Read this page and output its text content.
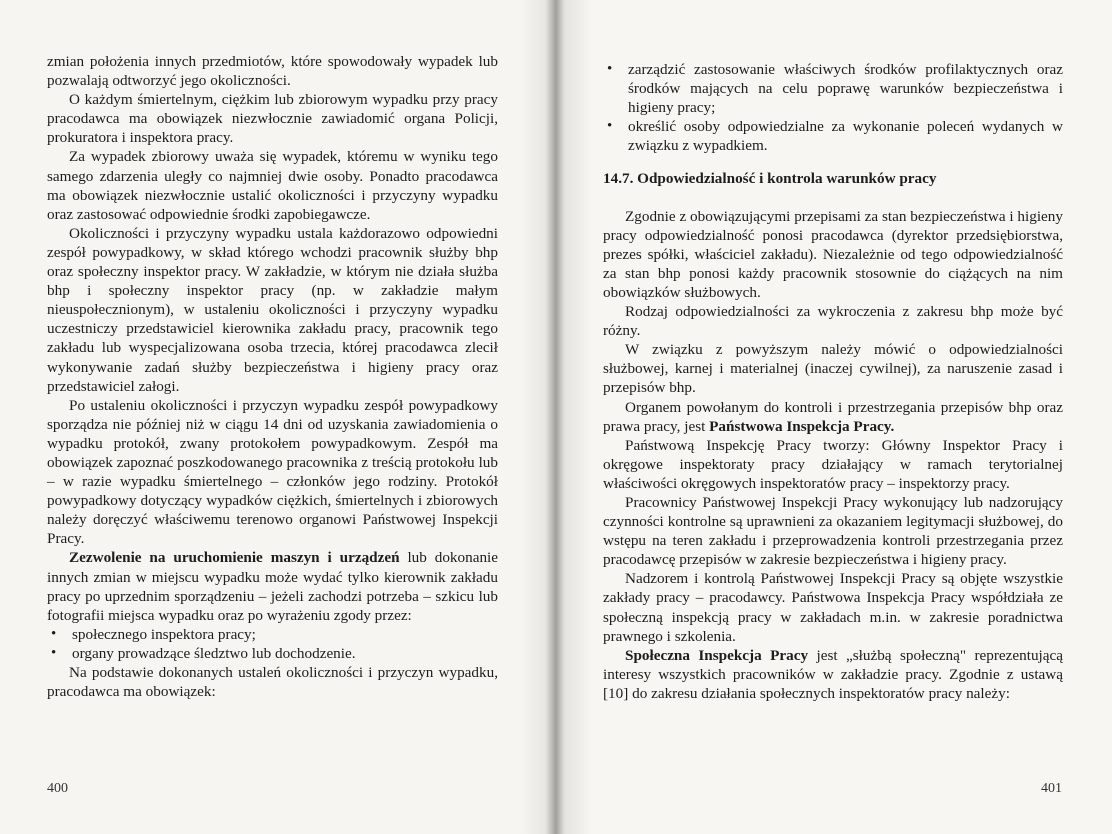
zmian położenia innych przedmiotów, które spowodowały wypadek lub pozwalają odtworzyć jego okoliczności.

O każdym śmiertelnym, ciężkim lub zbiorowym wypadku przy pracy pracodawca ma obowiązek niezwłocznie zawiadomić organa Policji, prokuratora i inspektora pracy.

Za wypadek zbiorowy uważa się wypadek, któremu w wyniku tego samego zdarzenia uległy co najmniej dwie osoby. Ponadto pracodawca ma obowiązek niezwłocznie ustalić okoliczności i przyczyny wypadku oraz zastosować odpowiednie środki zapobiegawcze.

Okoliczności i przyczyny wypadku ustala każdorazowo odpowiedni zespół powypadkowy, w skład którego wchodzi pracownik służby bhp oraz społeczny inspektor pracy. W zakładzie, w którym nie działa służba bhp i społeczny inspektor pracy (np. w zakładzie małym nieuspołecznionym), w ustaleniu okoliczności i przyczyny wypadku uczestniczy przedstawiciel kierownika zakładu pracy, pracownik tego zakładu lub wyspecjalizowana osoba trzecia, której pracodawca zlecił wykonywanie zadań służby bezpieczeństwa i higieny pracy oraz przedstawiciel załogi.

Po ustaleniu okoliczności i przyczyn wypadku zespół powypadkowy sporządza nie później niż w ciągu 14 dni od uzyskania zawiadomienia o wypadku protokół, zwany protokołem powypadkowym. Zespół ma obowiązek zapoznać poszkodowanego pracownika z treścią protokołu lub – w razie wypadku śmiertelnego – członków jego rodziny. Protokół powypadkowy dotyczący wypadków ciężkich, śmiertelnych i zbiorowych należy doręczyć właściwemu terenowo organowi Państwowej Inspekcji Pracy.

Zezwolenie na uruchomienie maszyn i urządzeń lub dokonanie innych zmian w miejscu wypadku może wydać tylko kierownik zakładu pracy po uprzednim sporządzeniu – jeżeli zachodzi potrzeba – szkicu lub fotografii miejsca wypadku oraz po wyrażeniu zgody przez:

• społecznego inspektora pracy;
• organy prowadzące śledztwo lub dochodzenie.

Na podstawie dokonanych ustaleń okoliczności i przyczyn wypadku, pracodawca ma obowiązek:

400
• zarządzić zastosowanie właściwych środków profilaktycznych oraz środków mających na celu poprawę warunków bezpieczeństwa i higieny pracy;
• określić osoby odpowiedzialne za wykonanie poleceń wydanych w związku z wypadkiem.
14.7. Odpowiedzialność i kontrola warunków pracy

Zgodnie z obowiązującymi przepisami za stan bezpieczeństwa i higieny pracy odpowiedzialność ponosi pracodawca (dyrektor przedsiębiorstwa, prezes spółki, właściciel zakładu). Niezależnie od tego odpowiedzialność za stan bhp ponosi każdy pracownik stosownie do ciążących na nim obowiązków służbowych.

Rodzaj odpowiedzialności za wykroczenia z zakresu bhp może być różny.

W związku z powyższym należy mówić o odpowiedzialności służbowej, karnej i materialnej (inaczej cywilnej), za naruszenie zasad i przepisów bhp.

Organem powołanym do kontroli i przestrzegania przepisów bhp oraz prawa pracy, jest Państwowa Inspekcja Pracy.

Państwową Inspekcję Pracy tworzy: Główny Inspektor Pracy i okręgowe inspektoraty pracy działający w ramach terytorialnej właściwości okręgowych inspektoratów pracy – inspektorzy pracy.

Pracownicy Państwowej Inspekcji Pracy wykonujący lub nadzorujący czynności kontrolne są uprawnieni za okazaniem legitymacji służbowej, do wstępu na teren zakładu i przeprowadzenia kontroli przestrzegania przez pracodawcę przepisów w zakresie bezpieczeństwa i higieny pracy.

Nadzorem i kontrolą Państwowej Inspekcji Pracy są objęte wszystkie zakłady pracy – pracodawcy. Państwowa Inspekcja Pracy współdziała ze społeczną inspekcją pracy w zakładach m.in. w zakresie poradnictwa prawnego i szkolenia.

Społeczna Inspekcja Pracy jest „służbą społeczną" reprezentującą interesy wszystkich pracowników w zakładzie pracy. Zgodnie z ustawą [10] do zakresu działania społecznych inspektoratów pracy należy:

401
